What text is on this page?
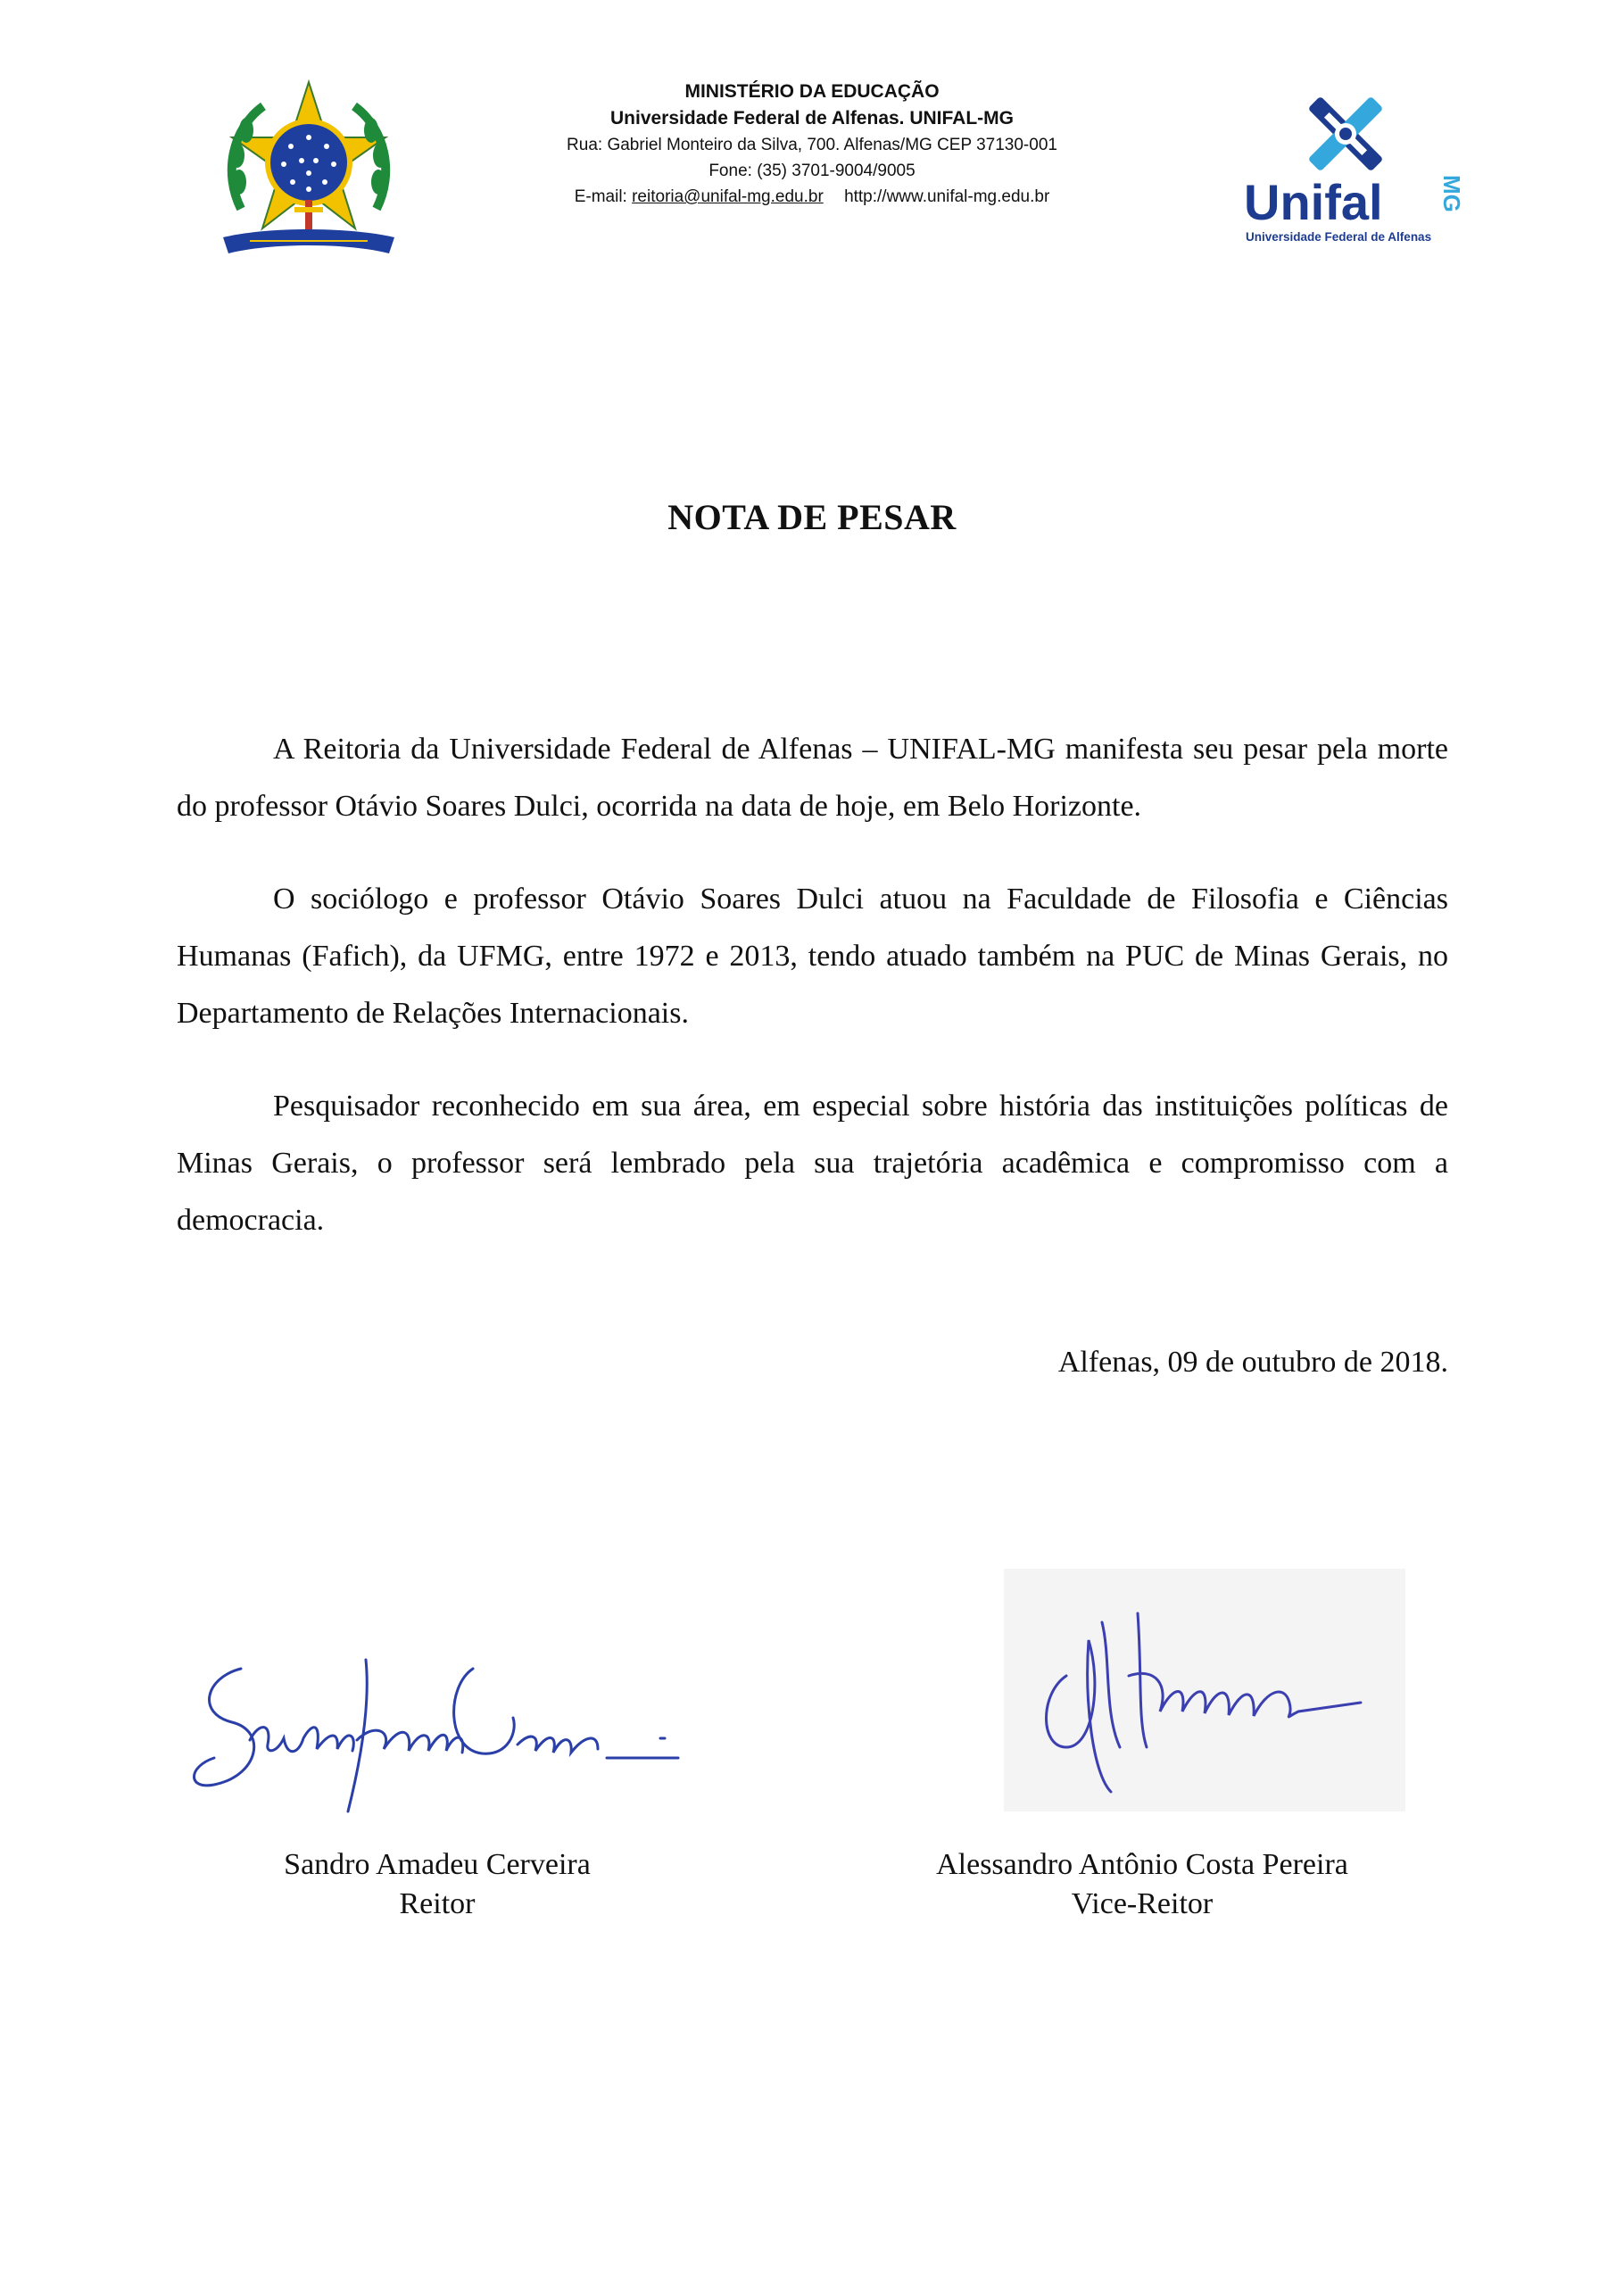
MINISTÉRIO DA EDUCAÇÃO
Universidade Federal de Alfenas. UNIFAL-MG
Rua: Gabriel Monteiro da Silva, 700. Alfenas/MG CEP 37130-001
Fone: (35) 3701-9004/9005
E-mail: reitoria@unifal-mg.edu.br http://www.unifal-mg.edu.br	Unifal MG
Universidade Federal de Alfenas
NOTA DE PESAR

A Reitoria da Universidade Federal de Alfenas – UNIFAL-MG manifesta seu pesar pela morte do professor Otávio Soares Dulci, ocorrida na data de hoje, em Belo Horizonte.

O sociólogo e professor Otávio Soares Dulci atuou na Faculdade de Filosofia e Ciências Humanas (Fafich), da UFMG, entre 1972 e 2013, tendo atuado também na PUC de Minas Gerais, no Departamento de Relações Internacionais.

Pesquisador reconhecido em sua área, em especial sobre história das instituições políticas de Minas Gerais, o professor será lembrado pela sua trajetória acadêmica e compromisso com a democracia.

Alfenas, 09 de outubro de 2018.
Sandro Amadeu Cerveira
Reitor
Alessandro Antônio Costa Pereira
Vice-Reitor
